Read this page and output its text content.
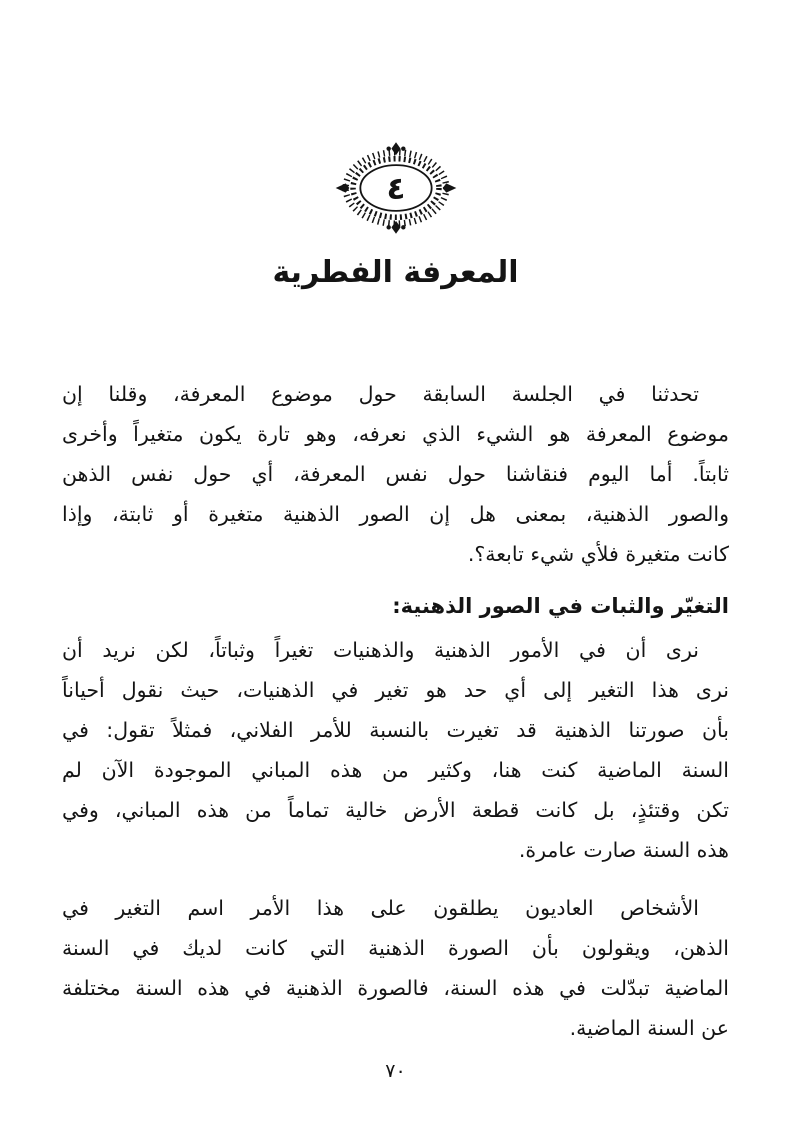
٤
المعرفة الفطرية
تحدثنا في الجلسة السابقة حول موضوع المعرفة، وقلنا إن
موضوع المعرفة هو الشيء الذي نعرفه، وهو تارة يكون متغيراً وأخرى
ثابتاً. أما اليوم فنقاشنا حول نفس المعرفة، أي حول نفس الذهن
والصور الذهنية، بمعنى هل إن الصور الذهنية متغيرة أو ثابتة، وإذا
كانت متغيرة فلأي شيء تابعة؟.
التغيّر والثبات في الصور الذهنية:
نرى أن في الأمور الذهنية والذهنيات تغيراً وثباتاً، لكن نريد أن
نرى هذا التغير إلى أي حد هو تغير في الذهنيات، حيث نقول أحياناً
بأن صورتنا الذهنية قد تغيرت بالنسبة للأمر الفلاني، فمثلاً تقول: في
السنة الماضية كنت هنا، وكثير من هذه المباني الموجودة الآن لم
تكن وقتئذٍ، بل كانت قطعة الأرض خالية تماماً من هذه المباني، وفي
هذه السنة صارت عامرة.
الأشخاص العاديون يطلقون على هذا الأمر اسم التغير في
الذهن، ويقولون بأن الصورة الذهنية التي كانت لديك في السنة
الماضية تبدّلت في هذه السنة، فالصورة الذهنية في هذه السنة مختلفة
عن السنة الماضية.
٧٠
